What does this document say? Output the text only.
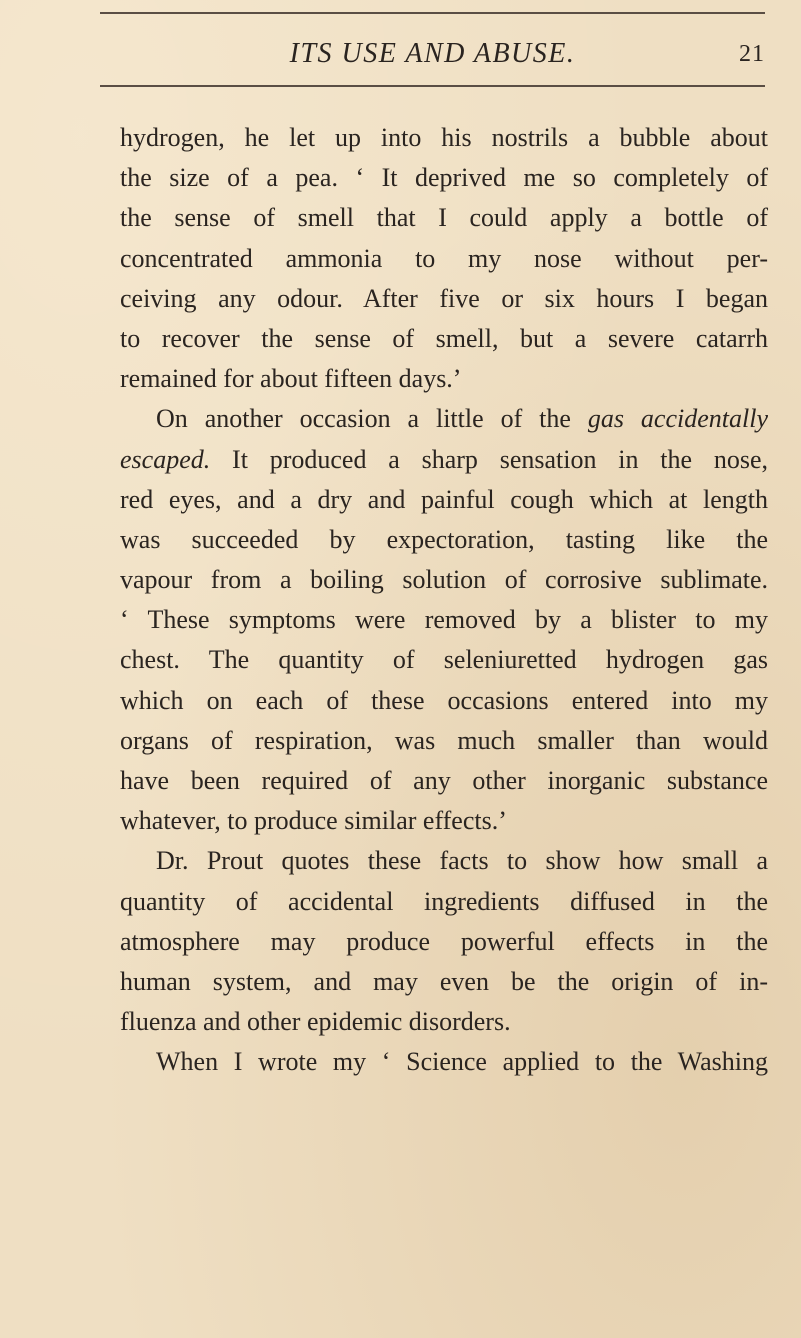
ITS USE AND ABUSE.	21
hydrogen, he let up into his nostrils a bubble about
the size of a pea. ‘ It deprived me so completely of
the sense of smell that I could apply a bottle of
concentrated ammonia to my nose without per-
ceiving any odour. After five or six hours I began
to recover the sense of smell, but a severe catarrh
remained for about fifteen days.’
On another occasion a little of the gas accidentally
escaped. It produced a sharp sensation in the nose,
red eyes, and a dry and painful cough which at length
was succeeded by expectoration, tasting like the
vapour from a boiling solution of corrosive sublimate.
‘ These symptoms were removed by a blister to my
chest. The quantity of seleniuretted hydrogen gas
which on each of these occasions entered into my
organs of respiration, was much smaller than would
have been required of any other inorganic substance
whatever, to produce similar effects.’
Dr. Prout quotes these facts to show how small a
quantity of accidental ingredients diffused in the
atmosphere may produce powerful effects in the
human system, and may even be the origin of in-
fluenza and other epidemic disorders.
When I wrote my ‘ Science applied to the Washing
